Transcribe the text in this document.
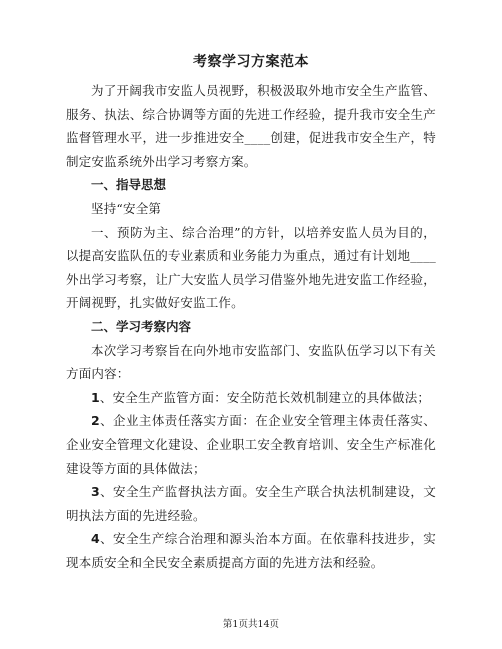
考察学习方案范本

为了开阔我市安监人员视野，积极汲取外地市安全生产监管、服务、执法、综合协调等方面的先进工作经验，提升我市安全生产监督管理水平，进一步推进安全____创建，促进我市安全生产，特制定安监系统外出学习考察方案。

一、指导思想

坚持“安全第

一、预防为主、综合治理”的方针，以培养安监人员为目的，以提高安监队伍的专业素质和业务能力为重点，通过有计划地____外出学习考察，让广大安监人员学习借鉴外地先进安监工作经验，开阔视野，扎实做好安监工作。

二、学习考察内容

本次学习考察旨在向外地市安监部门、安监队伍学习以下有关方面内容：

1、安全生产监管方面：安全防范长效机制建立的具体做法；

2、企业主体责任落实方面：在企业安全管理主体责任落实、企业安全管理文化建设、企业职工安全教育培训、安全生产标准化建设等方面的具体做法；

3、安全生产监督执法方面。安全生产联合执法机制建设，文明执法方面的先进经验。

4、安全生产综合治理和源头治本方面。在依靠科技进步，实现本质安全和全民安全素质提高方面的先进方法和经验。

第1页共14页
